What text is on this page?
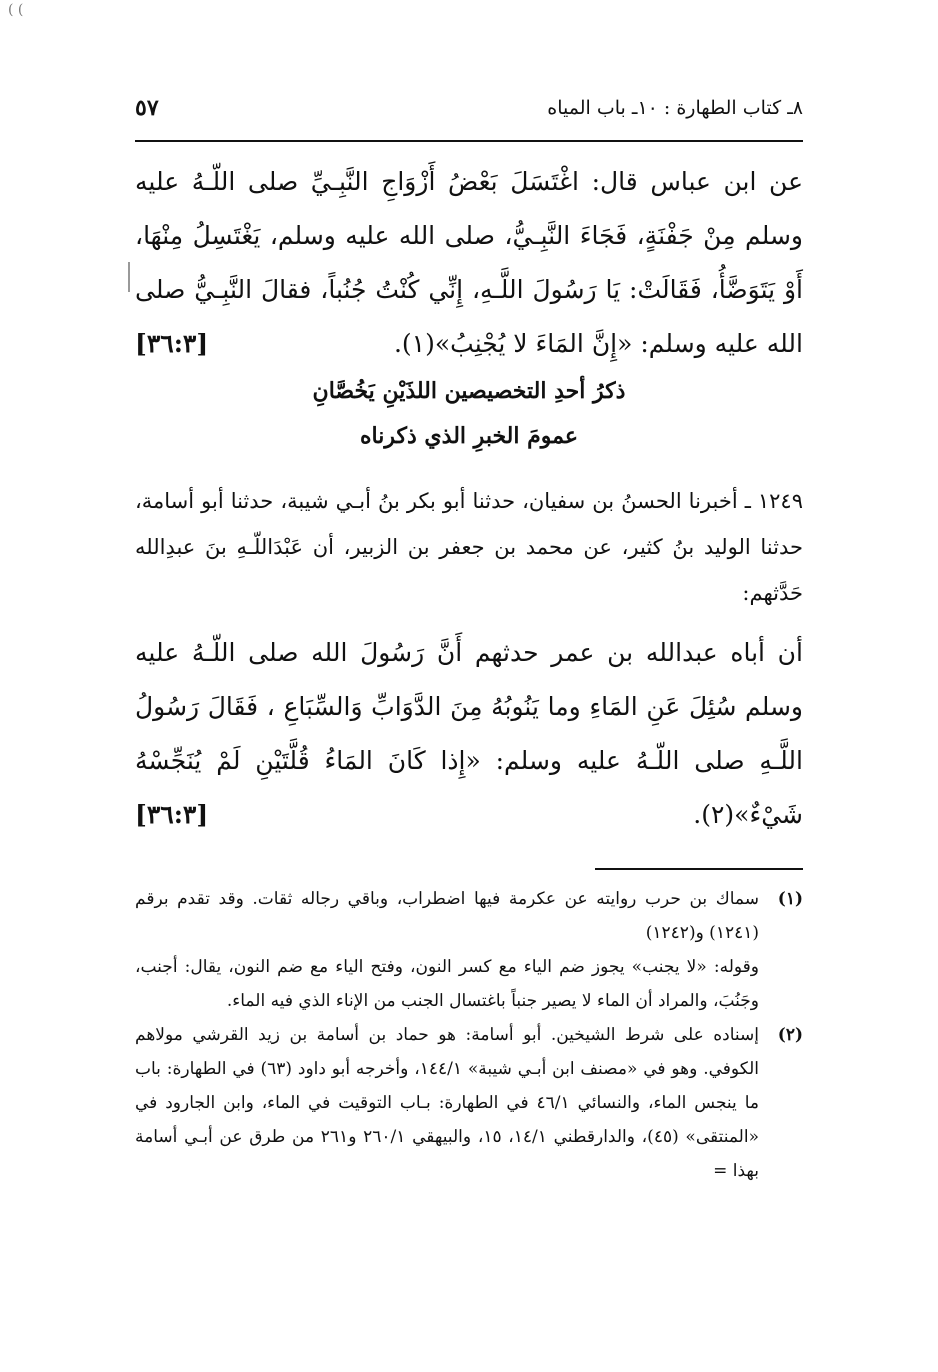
( (
٨ـ كتاب الطهارة : ١٠ـ باب المياه
٥٧
عن ابن عباس قال: اغْتَسَلَ بَعْضُ أَزْوَاجِ النَّبِـيِّ صلى اللّـهُ عليه وسلم مِنْ جَفْنَةٍ، فَجَاءَ النَّبِـيُّ، صلى الله عليه وسلم، يَغْتَسِلُ مِنْهَا، أَوْ يَتَوَضَّأُ، فَقَالَتْ: يَا رَسُولَ اللَّـهِ، إِنِّي كُنْتُ جُنُباً، فقالَ النَّبِـيُّ صلى الله عليه وسلم: «إِنَّ المَاءَ لا يُجْنِبُ»(١).
[٣٦:٣]
ذكرُ أحدِ التخصيصين اللذَيْنِ يَخُصَّانِ
عمومَ الخبرِ الذي ذكرناه
١٢٤٩ ـ أخبرنا الحسنُ بن سفيان، حدثنا أبو بكر بنُ أبـي شيبة، حدثنا أبو أسامة، حدثنا الوليد بنُ كثير، عن محمد بن جعفر بن الزبير، أن عَبْدَاللّـهِ بنَ عبدِالله حَدَّثهم:
أن أباه عبدالله بن عمر حدثهم أَنَّ رَسُولَ الله صلى اللّـهُ عليه وسلم سُئِلَ عَنِ المَاءِ وما يَنُوبُهُ مِنَ الدَّوَابِّ وَالسِّبَاعِ ، فَقَالَ رَسُولُ اللَّـهِ صلى اللّـهُ عليه وسلم: «إِذا كَانَ المَاءُ قُلَّتَيْنِ لَمْ يُنَجِّسْهُ شَيْءٌ»(٢).
[٣٦:٣]
(١)
سماك بن حرب روايته عن عكرمة فيها اضطراب، وباقي رجاله ثقات. وقد تقدم برقم (١٢٤١) و(١٢٤٢)
وقوله: «لا يجنب» يجوز ضم الياء مع كسر النون، وفتح الياء مع ضم النون، يقال: أجنب، وجَنُبَ، والمراد أن الماء لا يصير جنباً باغتسال الجنب من الإناء الذي فيه الماء.
(٢)
إسناده على شرط الشيخين. أبو أسامة: هو حماد بن أسامة بن زيد القرشي مولاهم الكوفي. وهو في «مصنف ابن أبـي شيبة» ١٤٤/١، وأخرجه أبو داود (٦٣) في الطهارة: باب ما ينجس الماء، والنسائي ٤٦/١ في الطهارة: بـاب التوقيت في الماء، وابن الجارود في «المنتقى» (٤٥)، والدارقطني ١٤/١، ١٥، والبيهقي ٢٦٠/١ و٢٦١ من طرق عن أبـي أسامة بهذا =
